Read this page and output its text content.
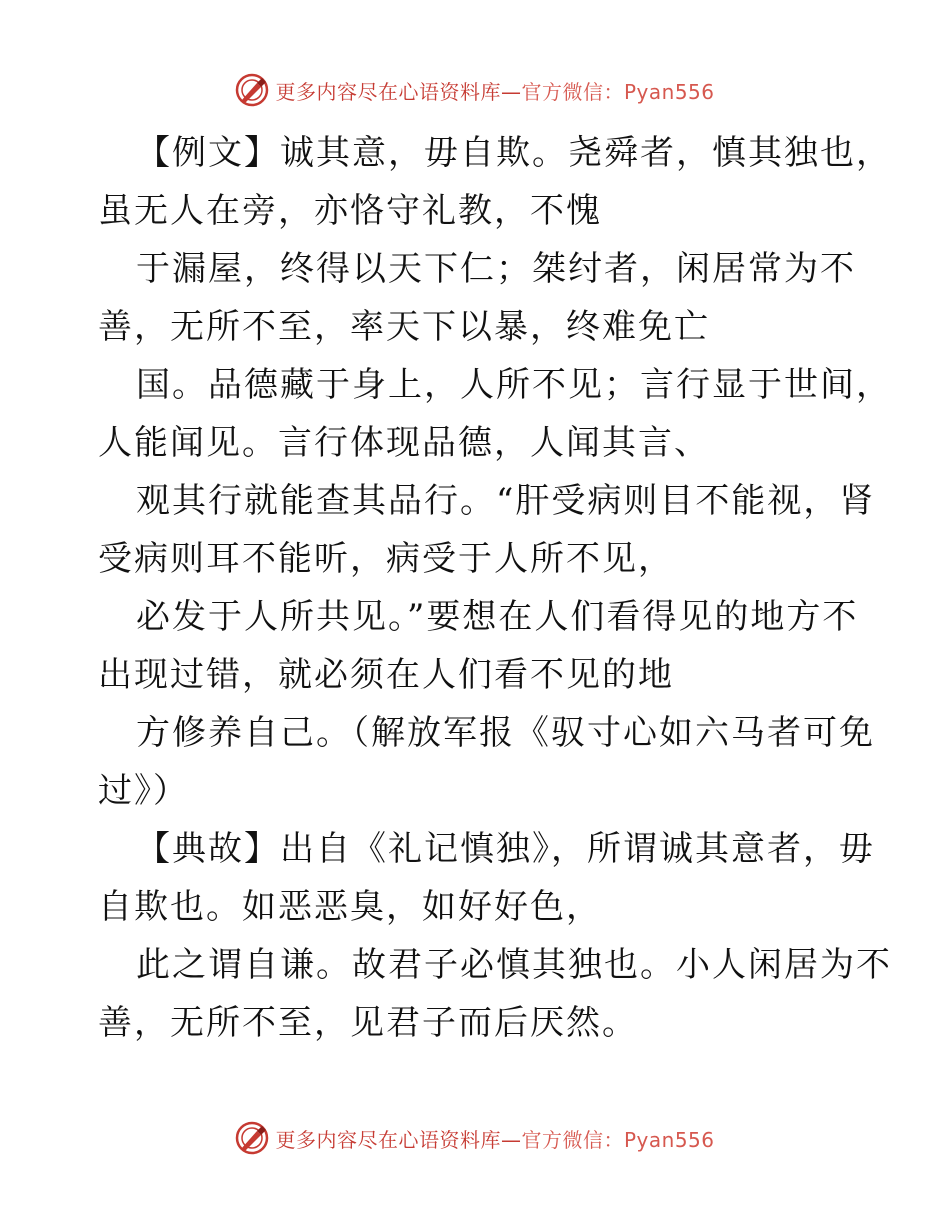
更多内容尽在心语资料库—官方微信：Pyan556
【例文】诚其意，毋自欺。尧舜者，慎其独也，
虽无人在旁，亦恪守礼教，不愧
于漏屋，终得以天下仁；桀纣者，闲居常为不
善，无所不至，率天下以暴，终难免亡
国。品德藏于身上，人所不见；言行显于世间，
人能闻见。言行体现品德，人闻其言、
观其行就能查其品行。“肝受病则目不能视，肾
受病则耳不能听，病受于人所不见，
必发于人所共见。”要想在人们看得见的地方不
出现过错，就必须在人们看不见的地
方修养自己。（解放军报《驭寸心如六马者可免
过》）
【典故】出自《礼记慎独》，所谓诚其意者，毋
自欺也。如恶恶臭，如好好色，
此之谓自谦。故君子必慎其独也。小人闲居为不
善，无所不至，见君子而后厌然。
更多内容尽在心语资料库—官方微信：Pyan556
